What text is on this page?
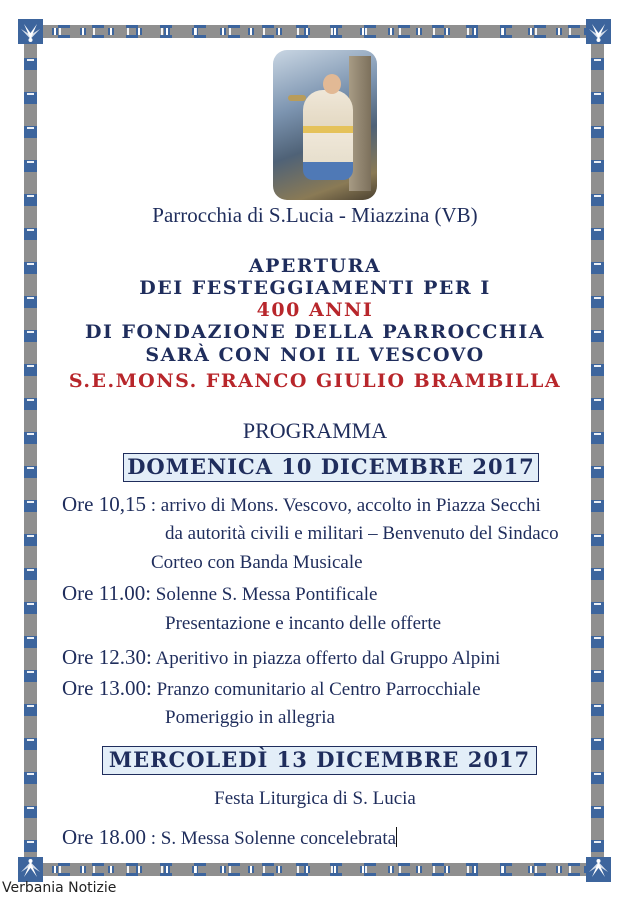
Parrocchia di S.Lucia - Miazzina (VB)
APERTURA
DEI FESTEGGIAMENTI PER I
400 ANNI
DI FONDAZIONE DELLA PARROCCHIA
SARÀ CON NOI IL VESCOVO
S.E.MONS. FRANCO GIULIO BRAMBILLA
PROGRAMMA
DOMENICA 10 DICEMBRE 2017
Ore 10,15 : arrivo di Mons. Vescovo, accolto in Piazza Secchi
da autorità civili e militari – Benvenuto del Sindaco
Corteo con Banda Musicale
Ore 11.00: Solenne S. Messa Pontificale
Presentazione e incanto delle offerte
Ore 12.30: Aperitivo in piazza offerto dal Gruppo Alpini
Ore 13.00: Pranzo comunitario al Centro Parrocchiale
Pomeriggio in allegria
MERCOLEDÌ 13 DICEMBRE 2017
Festa Liturgica di S. Lucia
Ore 18.00 : S. Messa Solenne concelebrata
Verbania Notizie
